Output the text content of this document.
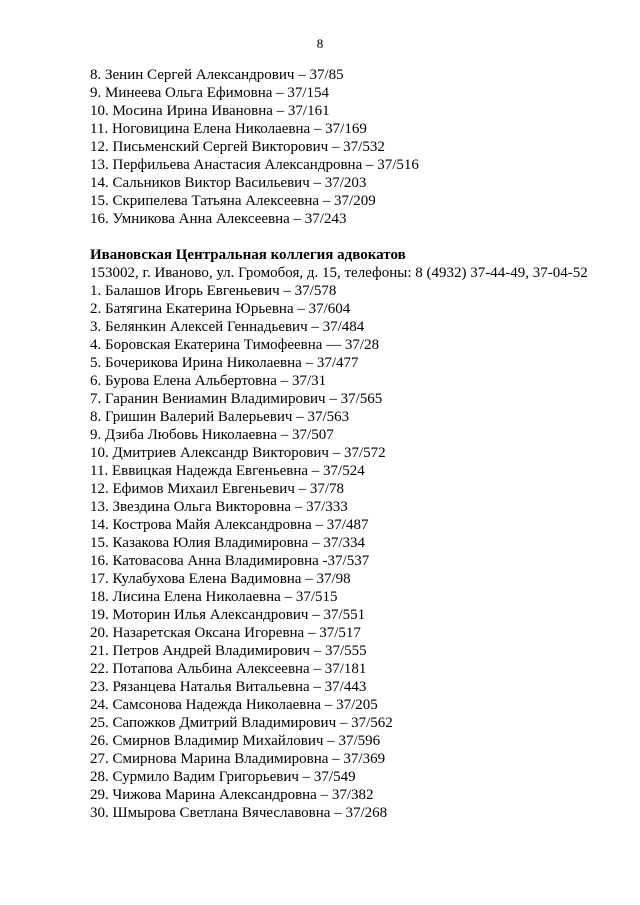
8
8. Зенин Сергей Александрович – 37/85
9. Минеева Ольга Ефимовна – 37/154
10. Мосина Ирина Ивановна – 37/161
11. Ноговицина Елена Николаевна – 37/169
12. Письменский Сергей Викторович – 37/532
13. Перфильева Анастасия Александровна – 37/516
14. Сальников Виктор Васильевич – 37/203
15. Скрипелева Татьяна Алексеевна – 37/209
16. Умникова Анна Алексеевна – 37/243
Ивановская Центральная коллегия адвокатов
153002, г. Иваново, ул. Громобоя, д. 15, телефоны: 8 (4932) 37-44-49, 37-04-52
1. Балашов Игорь Евгеньевич – 37/578
2. Батягина Екатерина Юрьевна – 37/604
3. Белянкин Алексей Геннадьевич – 37/484
4. Боровская Екатерина Тимофеевна — 37/28
5. Бочерикова Ирина Николаевна – 37/477
6. Бурова Елена Альбертовна – 37/31
7. Гаранин Вениамин Владимирович – 37/565
8. Гришин Валерий Валерьевич – 37/563
9. Дзиба Любовь Николаевна – 37/507
10. Дмитриев Александр Викторович – 37/572
11. Еввицкая Надежда Евгеньевна – 37/524
12. Ефимов Михаил Евгеньевич – 37/78
13. Звездина Ольга Викторовна – 37/333
14. Кострова Майя Александровна – 37/487
15. Казакова Юлия Владимировна – 37/334
16. Катовасова Анна Владимировна -37/537
17. Кулабухова Елена Вадимовна – 37/98
18. Лисина Елена Николаевна – 37/515
19. Моторин Илья Александрович – 37/551
20. Назаретская Оксана Игоревна – 37/517
21. Петров Андрей Владимирович – 37/555
22. Потапова Альбина Алексеевна – 37/181
23. Рязанцева Наталья Витальевна – 37/443
24. Самсонова Надежда Николаевна – 37/205
25. Сапожков Дмитрий Владимирович – 37/562
26. Смирнов Владимир Михайлович – 37/596
27. Смирнова Марина Владимировна – 37/369
28. Сурмило Вадим Григорьевич – 37/549
29. Чижова Марина Александровна – 37/382
30. Шмырова Светлана Вячеславовна – 37/268
